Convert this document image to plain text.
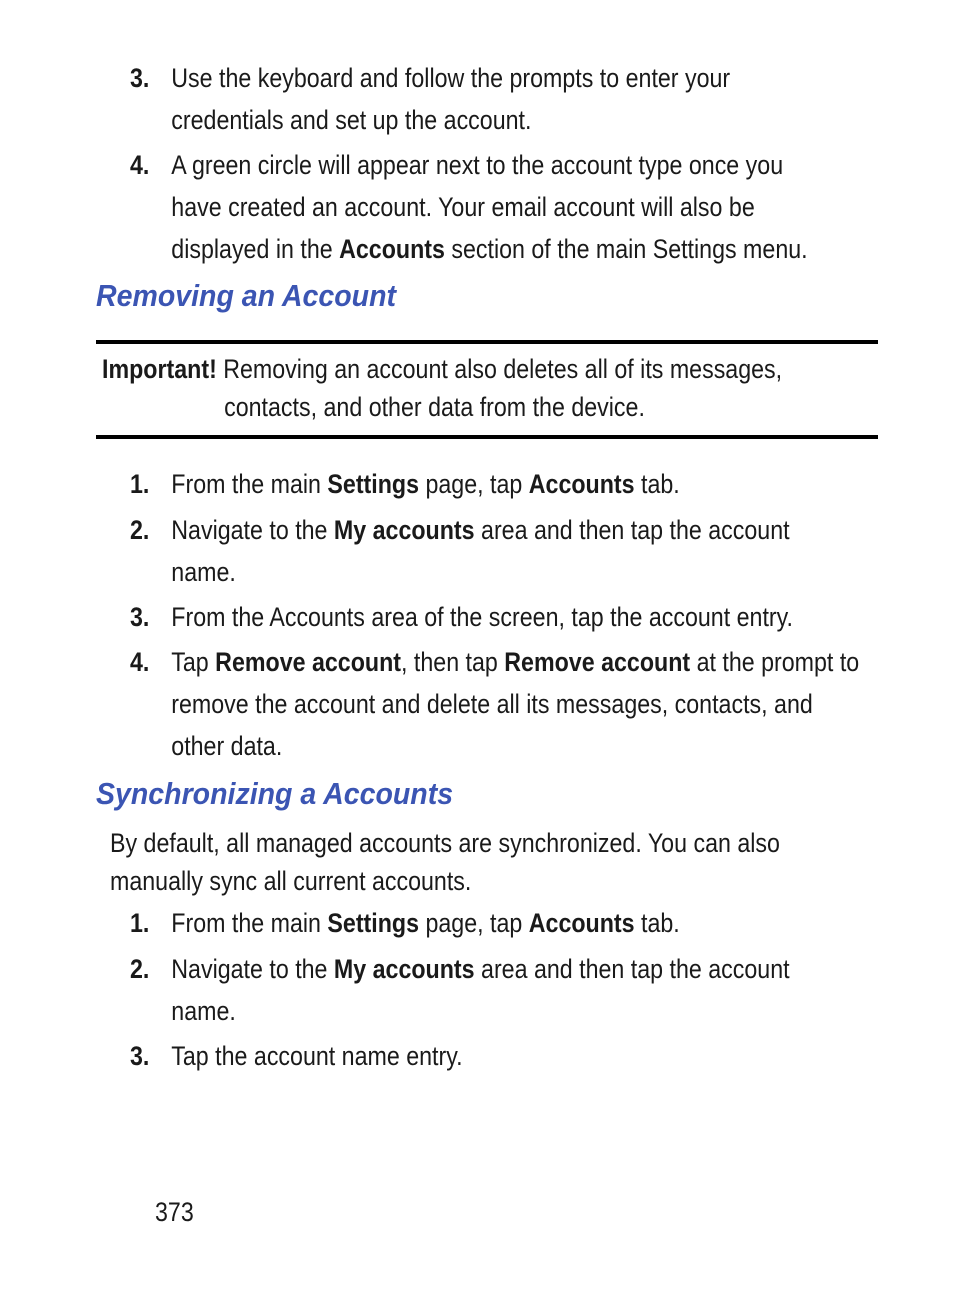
3. Use the keyboard and follow the prompts to enter your
credentials and set up the account.
4. A green circle will appear next to the account type once you
have created an account. Your email account will also be
displayed in the Accounts section of the main Settings menu.
Removing an Account
Important! Removing an account also deletes all of its messages,
contacts, and other data from the device.
1. From the main Settings page, tap Accounts tab.
2. Navigate to the My accounts area and then tap the account
name.
3. From the Accounts area of the screen, tap the account entry.
4. Tap Remove account, then tap Remove account at the prompt to
remove the account and delete all its messages, contacts, and
other data.
Synchronizing a Accounts
By default, all managed accounts are synchronized. You can also
manually sync all current accounts.
1. From the main Settings page, tap Accounts tab.
2. Navigate to the My accounts area and then tap the account
name.
3. Tap the account name entry.
373
